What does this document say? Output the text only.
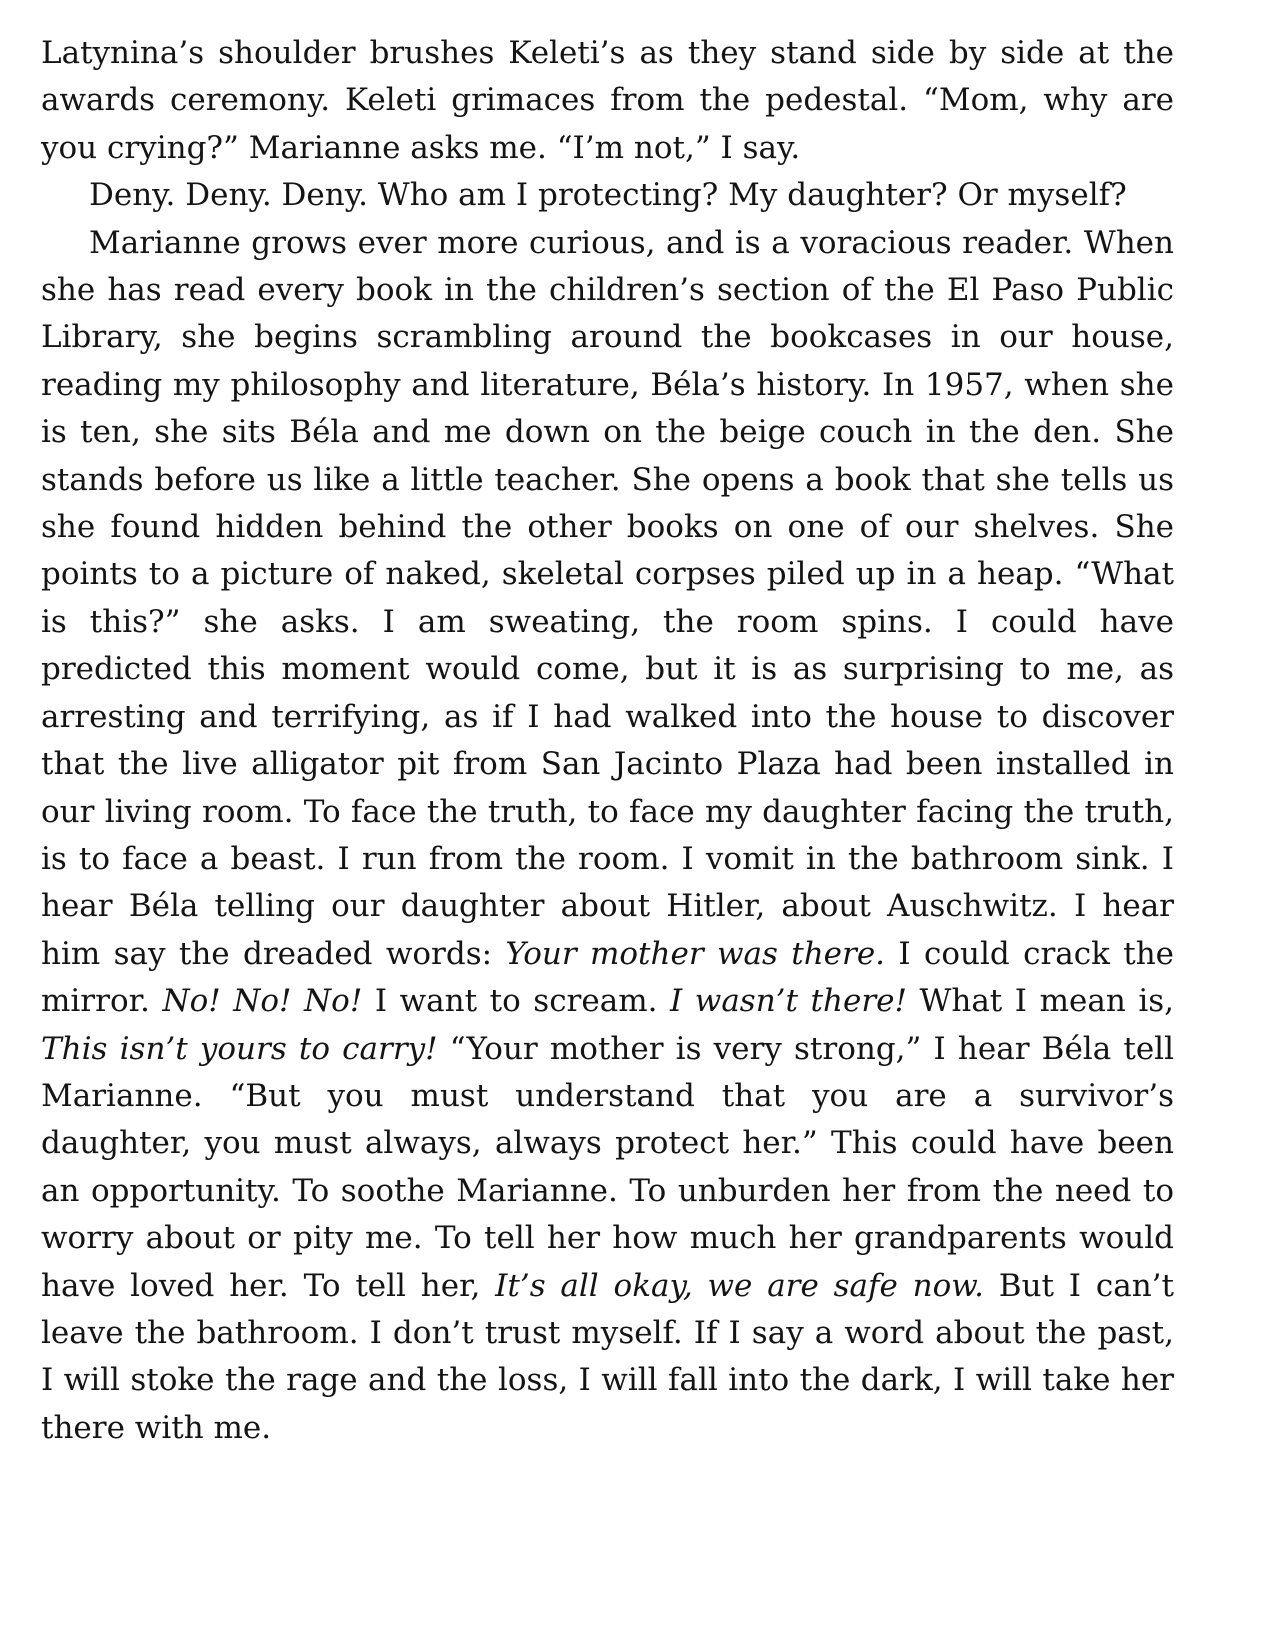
Latynina’s shoulder brushes Keleti’s as they stand side by side at the awards ceremony. Keleti grimaces from the pedestal. “Mom, why are you crying?” Marianne asks me. “I’m not,” I say.

Deny. Deny. Deny. Who am I protecting? My daughter? Or myself?

Marianne grows ever more curious, and is a voracious reader. When she has read every book in the children’s section of the El Paso Public Library, she begins scrambling around the bookcases in our house, reading my philosophy and literature, Béla’s history. In 1957, when she is ten, she sits Béla and me down on the beige couch in the den. She stands before us like a little teacher. She opens a book that she tells us she found hidden behind the other books on one of our shelves. She points to a picture of naked, skeletal corpses piled up in a heap. “What is this?” she asks. I am sweating, the room spins. I could have predicted this moment would come, but it is as surprising to me, as arresting and terrifying, as if I had walked into the house to discover that the live alligator pit from San Jacinto Plaza had been installed in our living room. To face the truth, to face my daughter facing the truth, is to face a beast. I run from the room. I vomit in the bathroom sink. I hear Béla telling our daughter about Hitler, about Auschwitz. I hear him say the dreaded words: Your mother was there. I could crack the mirror. No! No! No! I want to scream. I wasn’t there! What I mean is, This isn’t yours to carry! “Your mother is very strong,” I hear Béla tell Marianne. “But you must understand that you are a survivor’s daughter, you must always, always protect her.” This could have been an opportunity. To soothe Marianne. To unburden her from the need to worry about or pity me. To tell her how much her grandparents would have loved her. To tell her, It’s all okay, we are safe now. But I can’t leave the bathroom. I don’t trust myself. If I say a word about the past, I will stoke the rage and the loss, I will fall into the dark, I will take her there with me.
